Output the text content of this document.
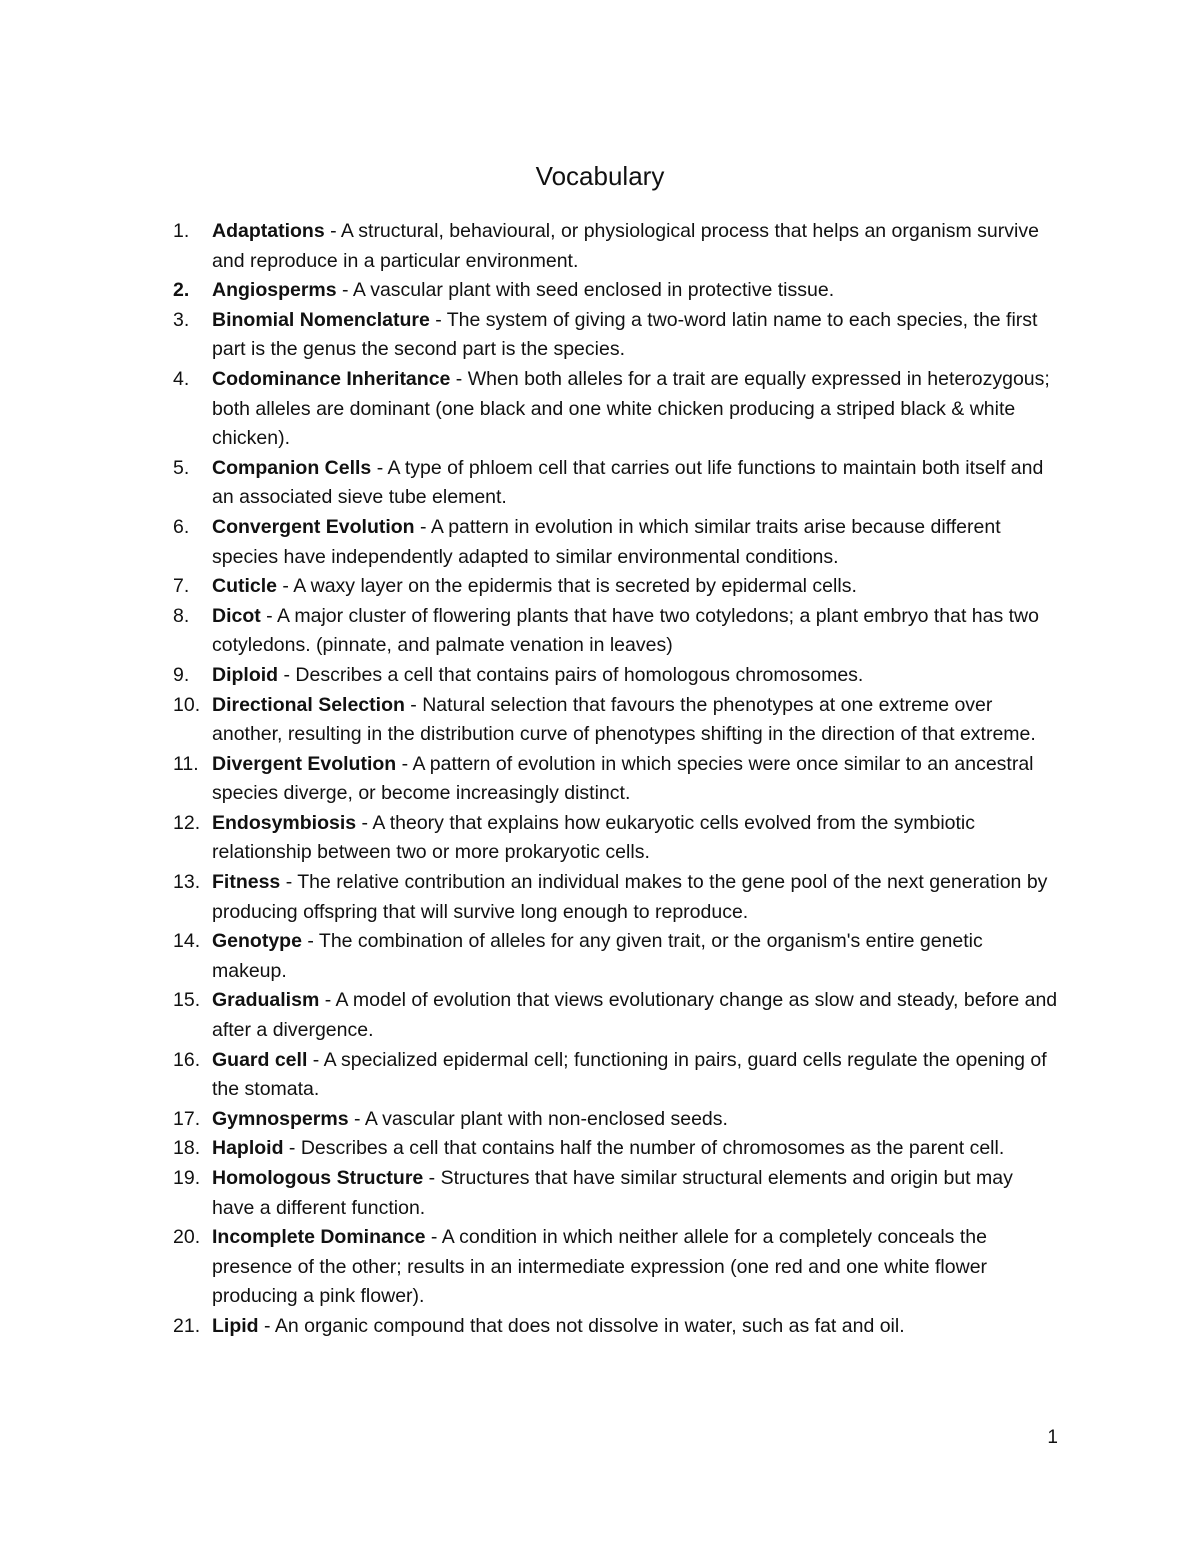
Vocabulary
1. Adaptations - A structural, behavioural, or physiological process that helps an organism survive and reproduce in a particular environment.
2. Angiosperms - A vascular plant with seed enclosed in protective tissue.
3. Binomial Nomenclature - The system of giving a two-word latin name to each species, the first part is the genus the second part is the species.
4. Codominance Inheritance - When both alleles for a trait are equally expressed in heterozygous; both alleles are dominant (one black and one white chicken producing a striped black & white chicken).
5. Companion Cells - A type of phloem cell that carries out life functions to maintain both itself and an associated sieve tube element.
6. Convergent Evolution - A pattern in evolution in which similar traits arise because different species have independently adapted to similar environmental conditions.
7. Cuticle - A waxy layer on the epidermis that is secreted by epidermal cells.
8. Dicot - A major cluster of flowering plants that have two cotyledons; a plant embryo that has two cotyledons. (pinnate, and palmate venation in leaves)
9. Diploid - Describes a cell that contains pairs of homologous chromosomes.
10. Directional Selection - Natural selection that favours the phenotypes at one extreme over another, resulting in the distribution curve of phenotypes shifting in the direction of that extreme.
11. Divergent Evolution - A pattern of evolution in which species were once similar to an ancestral species diverge, or become increasingly distinct.
12. Endosymbiosis - A theory that explains how eukaryotic cells evolved from the symbiotic relationship between two or more prokaryotic cells.
13. Fitness - The relative contribution an individual makes to the gene pool of the next generation by producing offspring that will survive long enough to reproduce.
14. Genotype - The combination of alleles for any given trait, or the organism's entire genetic makeup.
15. Gradualism - A model of evolution that views evolutionary change as slow and steady, before and after a divergence.
16. Guard cell - A specialized epidermal cell; functioning in pairs, guard cells regulate the opening of the stomata.
17. Gymnosperms - A vascular plant with non-enclosed seeds.
18. Haploid - Describes a cell that contains half the number of chromosomes as the parent cell.
19. Homologous Structure - Structures that have similar structural elements and origin but may have a different function.
20. Incomplete Dominance - A condition in which neither allele for a completely conceals the presence of the other; results in an intermediate expression (one red and one white flower producing a pink flower).
21. Lipid - An organic compound that does not dissolve in water, such as fat and oil.
1
